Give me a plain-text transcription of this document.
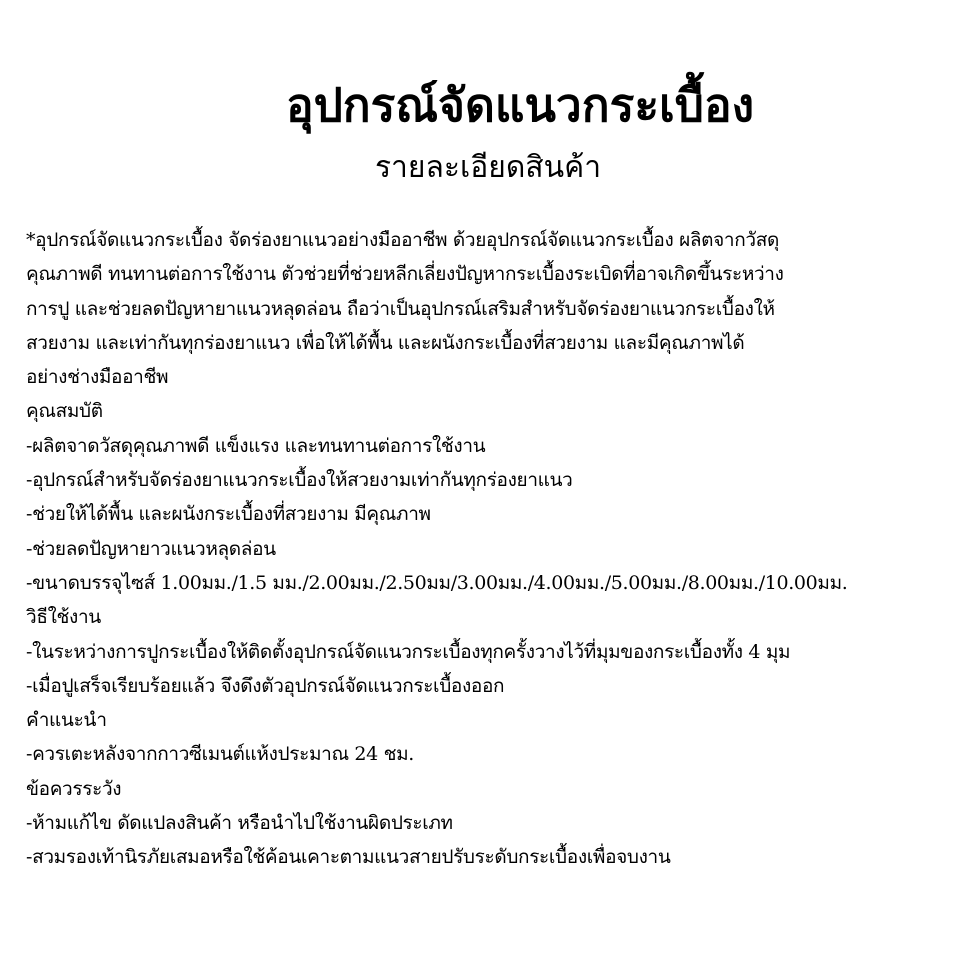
อุปกรณ์จัดแนวกระเบื้อง
รายละเอียดสินค้า

*อุปกรณ์จัดแนวกระเบื้อง จัดร่องยาแนวอย่างมืออาชีพ ด้วยอุปกรณ์จัดแนวกระเบื้อง ผลิตจากวัสดุ

คุณภาพดี ทนทานต่อการใช้งาน ตัวช่วยที่ช่วยหลีกเลี่ยงปัญหากระเบื้องระเบิดที่อาจเกิดขึ้นระหว่าง

การปู และช่วยลดปัญหายาแนวหลุดล่อน ถือว่าเป็นอุปกรณ์เสริมสำหรับจัดร่องยาแนวกระเบื้องให้

สวยงาม และเท่ากันทุกร่องยาแนว เพื่อให้ได้พื้น และผนังกระเบื้องที่สวยงาม และมีคุณภาพได้

อย่างช่างมืออาชีพ

คุณสมบัติ

-ผลิตจาดวัสดุคุณภาพดี แข็งแรง และทนทานต่อการใช้งาน

-อุปกรณ์สำหรับจัดร่องยาแนวกระเบื้องให้สวยงามเท่ากันทุกร่องยาแนว

-ช่วยให้ได้พื้น และผนังกระเบื้องที่สวยงาม มีคุณภาพ

-ช่วยลดปัญหายาวแนวหลุดล่อน

-ขนาดบรรจุไซส์ 1.00มม./1.5 มม./2.00มม./2.50มม/3.00มม./4.00มม./5.00มม./8.00มม./10.00มม.

วิธีใช้งาน

-ในระหว่างการปูกระเบื้องให้ติดตั้งอุปกรณ์จัดแนวกระเบื้องทุกครั้งวางไว้ที่มุมของกระเบื้องทั้ง 4 มุม

-เมื่อปูเสร็จเรียบร้อยแล้ว จึงดึงตัวอุปกรณ์จัดแนวกระเบื้องออก

คำแนะนำ

-ควรเตะหลังจากกาวซีเมนต์แห้งประมาณ 24 ชม.

ข้อควรระวัง

-ห้ามแก้ไข ดัดแปลงสินค้า หรือนำไปใช้งานผิดประเภท

-สวมรองเท้านิรภัยเสมอหรือใช้ค้อนเคาะตามแนวสายปรับระดับกระเบื้องเพื่อจบงาน
